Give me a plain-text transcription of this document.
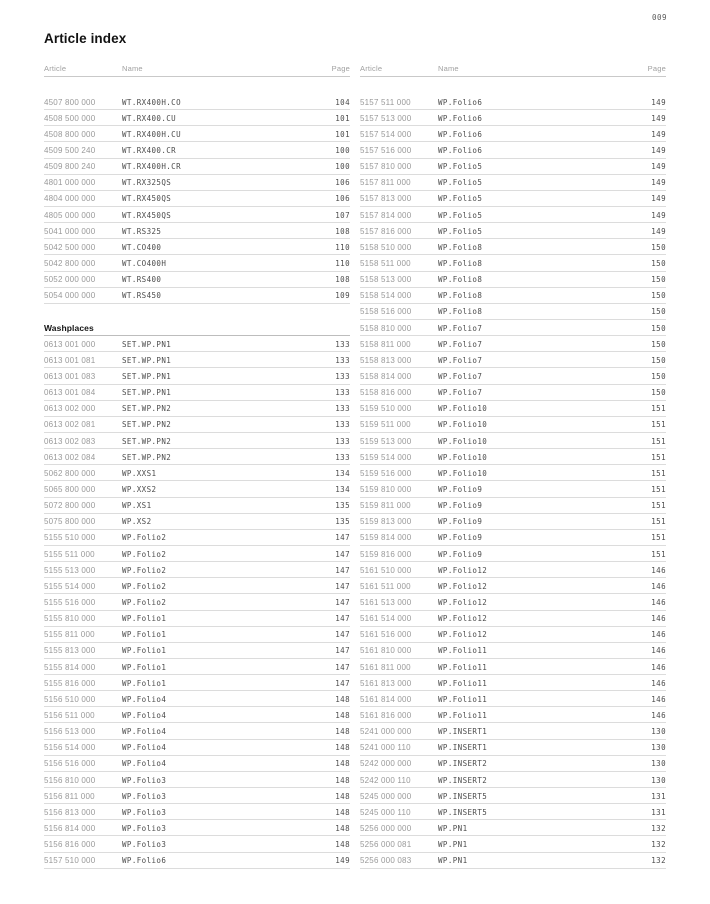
009
Article index
Article	Name	Page
4507 800 000	WT.RX400H.CO	104
4508 500 000	WT.RX400.CU	101
4508 800 000	WT.RX400H.CU	101
4509 500 240	WT.RX400.CR	100
4509 800 240	WT.RX400H.CR	100
4801 000 000	WT.RX325QS	106
4804 000 000	WT.RX450QS	106
4805 000 000	WT.RX450QS	107
5041 000 000	WT.RS325	108
5042 500 000	WT.CO400	110
5042 800 000	WT.CO400H	110
5052 000 000	WT.RS400	108
5054 000 000	WT.RS450	109
Washplaces
0613 001 000	SET.WP.PN1	133
0613 001 081	SET.WP.PN1	133
0613 001 083	SET.WP.PN1	133
0613 001 084	SET.WP.PN1	133
0613 002 000	SET.WP.PN2	133
0613 002 081	SET.WP.PN2	133
0613 002 083	SET.WP.PN2	133
0613 002 084	SET.WP.PN2	133
5062 800 000	WP.XXS1	134
5065 800 000	WP.XXS2	134
5072 800 000	WP.XS1	135
5075 800 000	WP.XS2	135
5155 510 000	WP.Folio2	147
5155 511 000	WP.Folio2	147
5155 513 000	WP.Folio2	147
5155 514 000	WP.Folio2	147
5155 516 000	WP.Folio2	147
5155 810 000	WP.Folio1	147
5155 811 000	WP.Folio1	147
5155 813 000	WP.Folio1	147
5155 814 000	WP.Folio1	147
5155 816 000	WP.Folio1	147
5156 510 000	WP.Folio4	148
5156 511 000	WP.Folio4	148
5156 513 000	WP.Folio4	148
5156 514 000	WP.Folio4	148
5156 516 000	WP.Folio4	148
5156 810 000	WP.Folio3	148
5156 811 000	WP.Folio3	148
5156 813 000	WP.Folio3	148
5156 814 000	WP.Folio3	148
5156 816 000	WP.Folio3	148
5157 510 000	WP.Folio6	149
Article	Name	Page
5157 511 000	WP.Folio6	149
5157 513 000	WP.Folio6	149
5157 514 000	WP.Folio6	149
5157 516 000	WP.Folio6	149
5157 810 000	WP.Folio5	149
5157 811 000	WP.Folio5	149
5157 813 000	WP.Folio5	149
5157 814 000	WP.Folio5	149
5157 816 000	WP.Folio5	149
5158 510 000	WP.Folio8	150
5158 511 000	WP.Folio8	150
5158 513 000	WP.Folio8	150
5158 514 000	WP.Folio8	150
5158 516 000	WP.Folio8	150
5158 810 000	WP.Folio7	150
5158 811 000	WP.Folio7	150
5158 813 000	WP.Folio7	150
5158 814 000	WP.Folio7	150
5158 816 000	WP.Folio7	150
5159 510 000	WP.Folio10	151
5159 511 000	WP.Folio10	151
5159 513 000	WP.Folio10	151
5159 514 000	WP.Folio10	151
5159 516 000	WP.Folio10	151
5159 810 000	WP.Folio9	151
5159 811 000	WP.Folio9	151
5159 813 000	WP.Folio9	151
5159 814 000	WP.Folio9	151
5159 816 000	WP.Folio9	151
5161 510 000	WP.Folio12	146
5161 511 000	WP.Folio12	146
5161 513 000	WP.Folio12	146
5161 514 000	WP.Folio12	146
5161 516 000	WP.Folio12	146
5161 810 000	WP.Folio11	146
5161 811 000	WP.Folio11	146
5161 813 000	WP.Folio11	146
5161 814 000	WP.Folio11	146
5161 816 000	WP.Folio11	146
5241 000 000	WP.INSERT1	130
5241 000 110	WP.INSERT1	130
5242 000 000	WP.INSERT2	130
5242 000 110	WP.INSERT2	130
5245 000 000	WP.INSERT5	131
5245 000 110	WP.INSERT5	131
5256 000 000	WP.PN1	132
5256 000 081	WP.PN1	132
5256 000 083	WP.PN1	132
